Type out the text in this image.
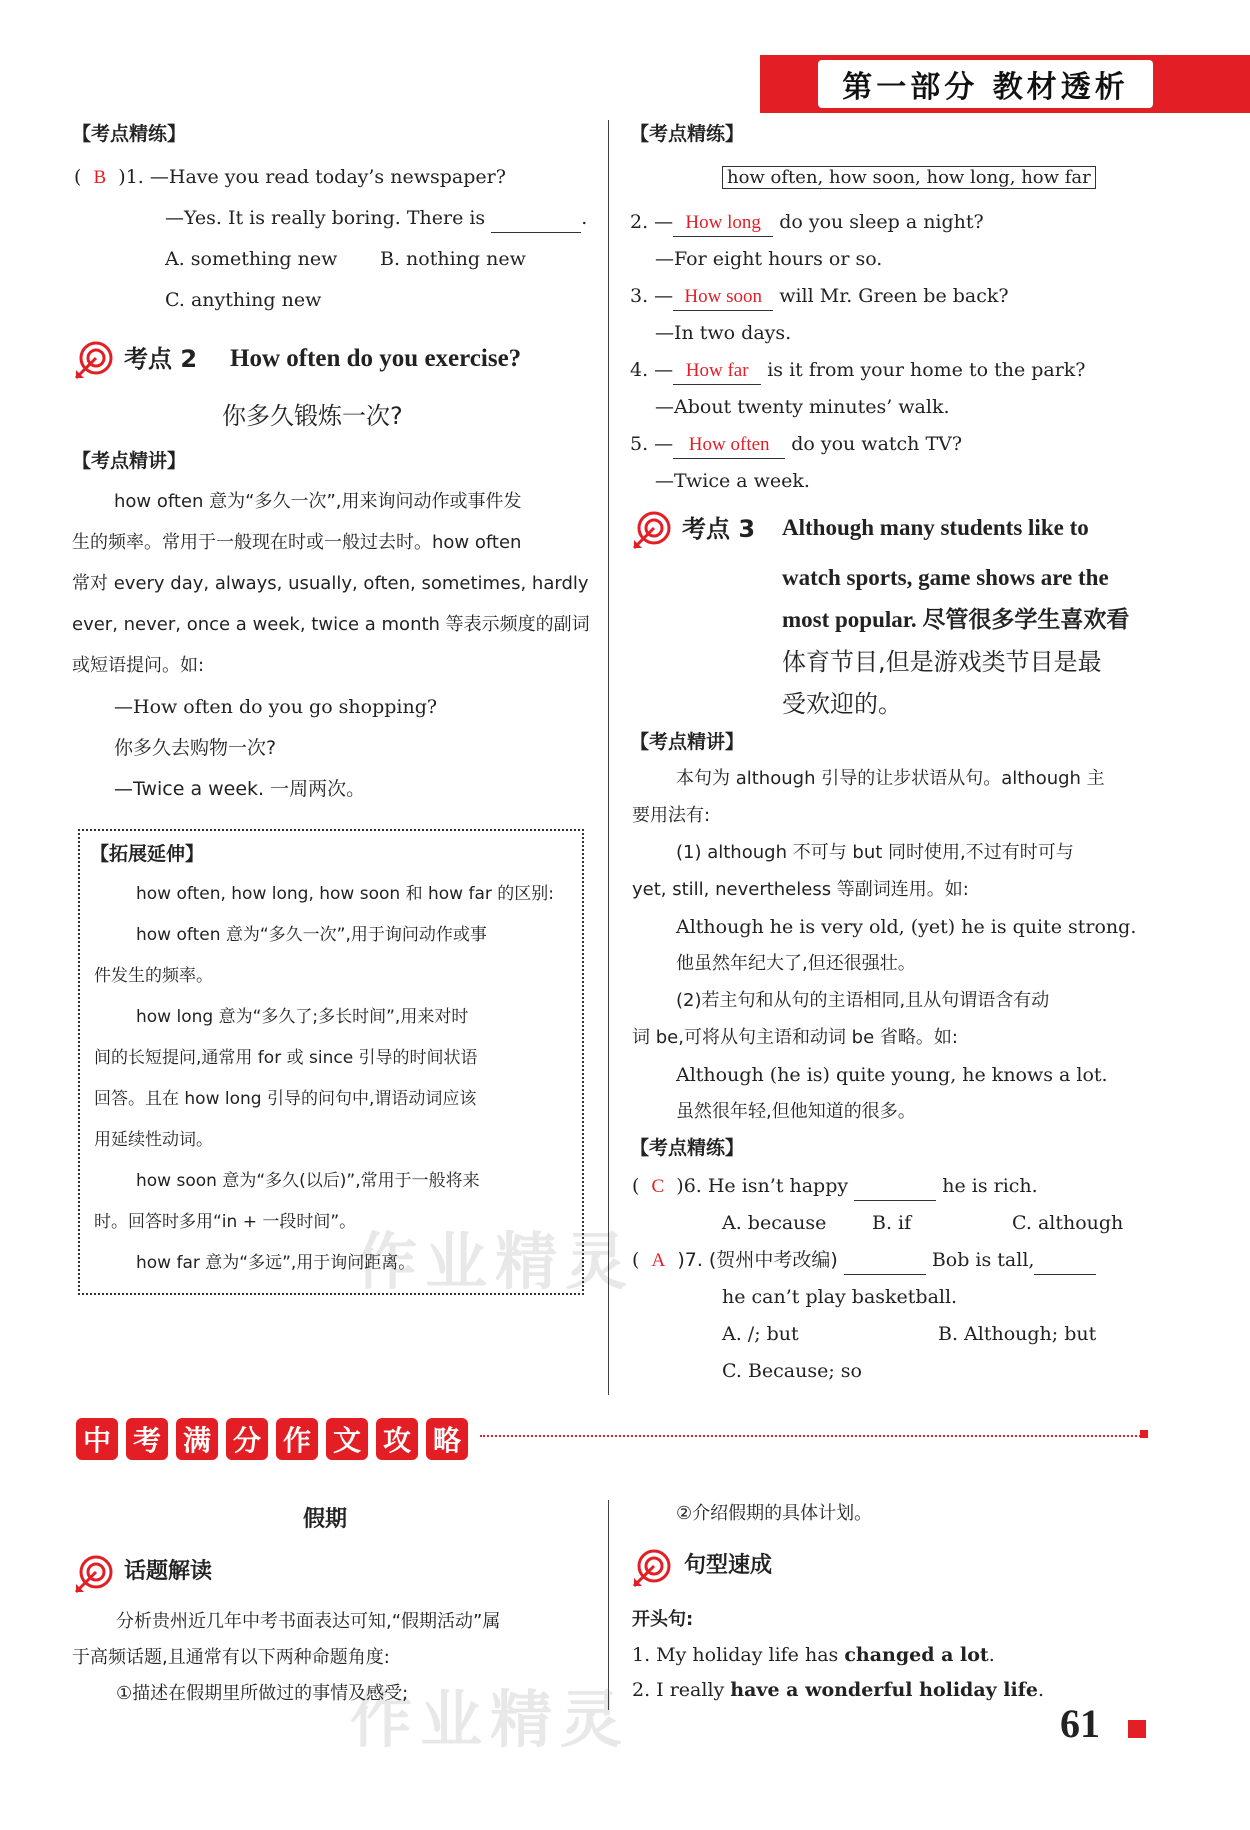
第一部分 教材透析
【考点精练】
( B )1. —Have you read today’s newspaper?
—Yes. It is really boring. There is	.
A. something new B. nothing new
C. anything new
考点 2 How often do you exercise?
你多久锻炼一次?
【考点精讲】
how often 意为“多久一次”,用来询问动作或事件发
生的频率。常用于一般现在时或一般过去时。how often
常对 every day, always, usually, often, sometimes, hardly
ever, never, once a week, twice a month 等表示频度的副词
或短语提问。如:
—How often do you go shopping?
你多久去购物一次?
—Twice a week. 一周两次。
【拓展延伸】
how often, how long, how soon 和 how far 的区别:
how often 意为“多久一次”,用于询问动作或事
件发生的频率。
how long 意为“多久了;多长时间”,用来对时
间的长短提问,通常用 for 或 since 引导的时间状语
回答。且在 how long 引导的问句中,谓语动词应该
用延续性动词。
how soon 意为“多久(以后)”,常用于一般将来
时。回答时多用“in + 一段时间”。
how far 意为“多远”,用于询问距离。
【考点精练】
how often, how soon, how long, how far
2. — How long do you sleep a night?
—For eight hours or so.
3. — How soon will Mr. Green be back?
—In two days.
4. — How far is it from your home to the park?
—About twenty minutes’ walk.
5. — How often do you watch TV?
—Twice a week.
考点 3 Although many students like to
watch sports, game shows are the
most popular. 尽管很多学生喜欢看
体育节目,但是游戏类节目是最
受欢迎的。
【考点精讲】
本句为 although 引导的让步状语从句。although 主
要用法有:
(1) although 不可与 but 同时使用,不过有时可与
yet, still, nevertheless 等副词连用。如:
Although he is very old, (yet) he is quite strong.
他虽然年纪大了,但还很强壮。
(2)若主句和从句的主语相同,且从句谓语含有动
词 be,可将从句主语和动词 be 省略。如:
Although (he is) quite young, he knows a lot.
虽然很年轻,但他知道的很多。
【考点精练】
(  C )6. He isn’t happy	he is rich.
A. because B. if	C. although
(  A )7. (贺州中考改编)	Bob is tall,
he can’t play basketball.
A. /; but	B. Although; but
C. Because; so
中 考 满 分 作 文 攻 略
假期
话题解读
分析贵州近几年中考书面表达可知,“假期活动”属
于高频话题,且通常有以下两种命题角度:
①描述在假期里所做过的事情及感受;
②介绍假期的具体计划。
句型速成
开头句:
1. My holiday life has changed a lot.
2. I really have a wonderful holiday life.
作业精灵
作业精灵	61
